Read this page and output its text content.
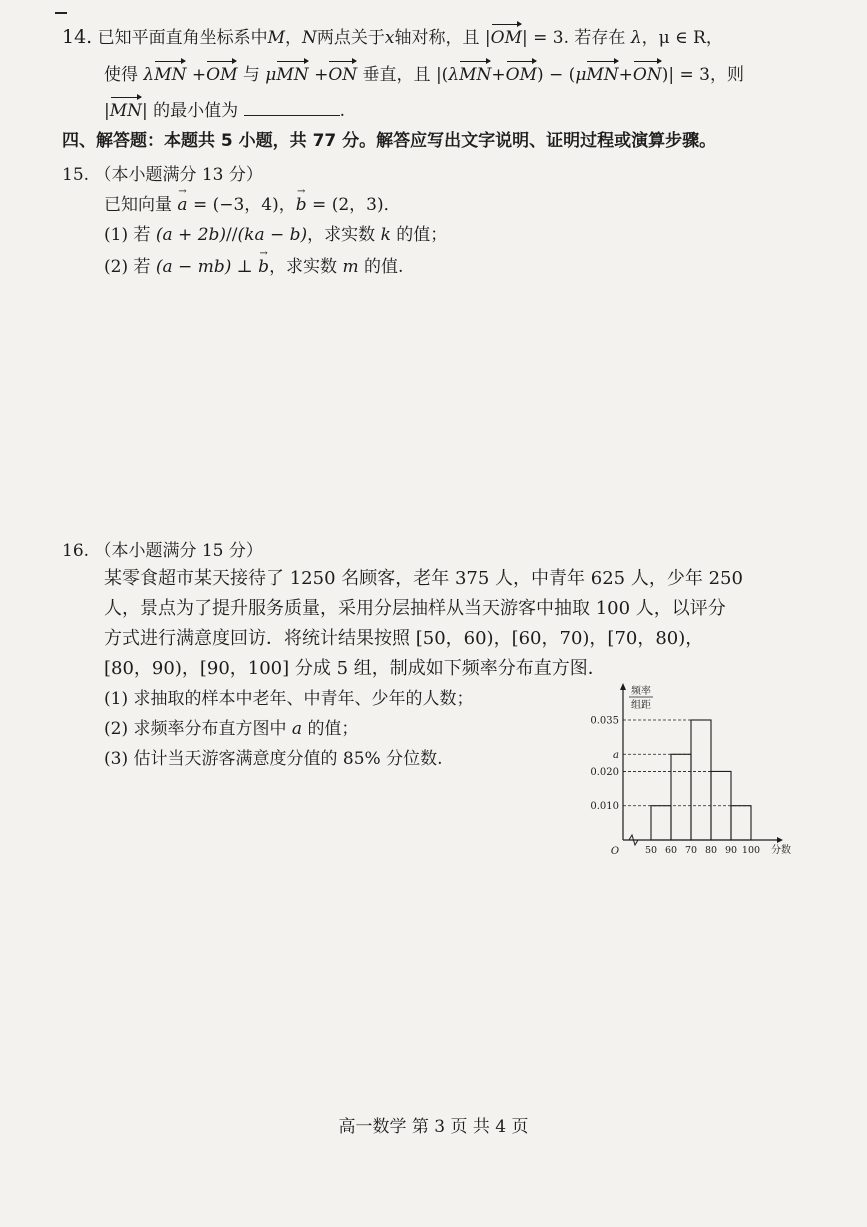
14. 已知平面直角坐标系中M，N两点关于x轴对称，且 |OM| = 3. 若存在 λ，μ ∈ R，
使得 λMN +OM 与 μMN +ON 垂直，且 |(λMN+OM) − (μMN+ON)| = 3，则
|MN| 的最小值为	.
四、解答题：本题共 5 小题，共 77 分。解答应写出文字说明、证明过程或演算步骤。
15. （本小题满分 13 分）
已知向量 a → = (−3，4)，b → = (2，3)．
(1) 若 (a + 2b)//(ka − b)，求实数 k 的值；
(2) 若 (a − mb) ⊥ b →，求实数 m 的值.
16. （本小题满分 15 分）
某零食超市某天接待了 1250 名顾客，老年 375 人，中青年 625 人，少年 250
人，景点为了提升服务质量，采用分层抽样从当天游客中抽取 100 人，以评分
方式进行满意度回访．将统计结果按照 [50，60)，[60，70)，[70，80)，
[80，90)，[90，100] 分成 5 组，制成如下频率分布直方图．
(1) 求抽取的样本中老年、中青年、少年的人数；
(2) 求频率分布直方图中 a 的值；
(3) 估计当天游客满意度分值的 85% 分位数.
频率
组距
0.010
0.020
a
0.035
50 60 70 80 90 100 分数
O
高一数学 第 3 页 共 4 页
